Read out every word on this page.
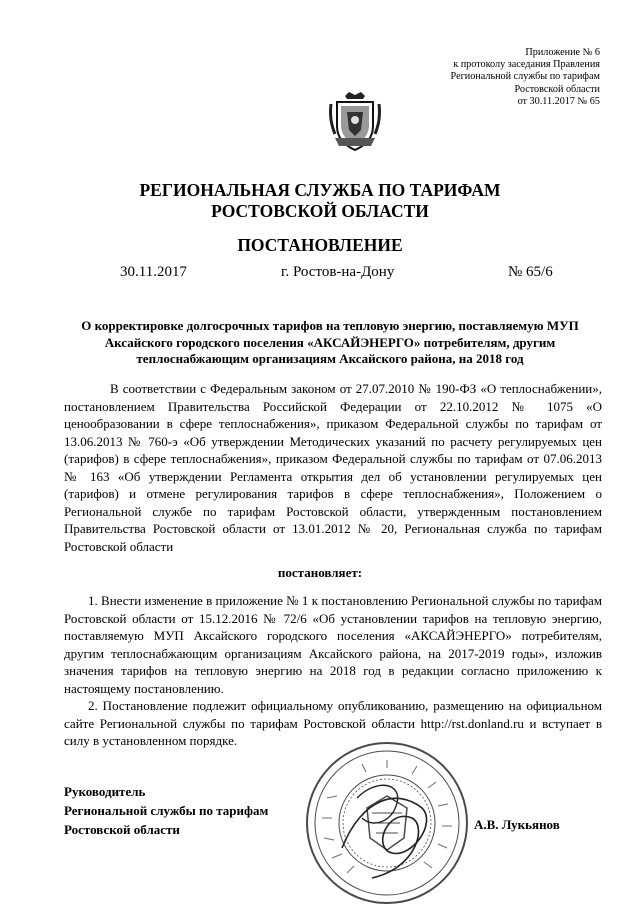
Приложение № 6
к протоколу заседания Правления
Региональной службы по тарифам
Ростовской области
от 30.11.2017 № 65
РЕГИОНАЛЬНАЯ СЛУЖБА ПО ТАРИФАМ
РОСТОВСКОЙ ОБЛАСТИ
ПОСТАНОВЛЕНИЕ
30.11.2017	г. Ростов-на-Дону	№ 65/6
О корректировке долгосрочных тарифов на тепловую энергию, поставляемую МУП Аксайского городского поселения «АКСАЙЭНЕРГО» потребителям, другим теплоснабжающим организациям Аксайского района, на 2018 год

В соответствии с Федеральным законом от 27.07.2010 № 190-ФЗ «О теплоснабжении», постановлением Правительства Российской Федерации от 22.10.2012 № 1075 «О ценообразовании в сфере теплоснабжения», приказом Федеральной службы по тарифам от 13.06.2013 № 760-э «Об утверждении Методических указаний по расчету регулируемых цен (тарифов) в сфере теплоснабжения», приказом Федеральной службы по тарифам от 07.06.2013 № 163 «Об утверждении Регламента открытия дел об установлении регулируемых цен (тарифов) и отмене регулирования тарифов в сфере теплоснабжения», Положением о Региональной службе по тарифам Ростовской области, утвержденным постановлением Правительства Ростовской области от 13.01.2012 № 20, Региональная служба по тарифам Ростовской области

постановляет:

1. Внести изменение в приложение № 1 к постановлению Региональной службы по тарифам Ростовской области от 15.12.2016 № 72/6 «Об установлении тарифов на тепловую энергию, поставляемую МУП Аксайского городского поселения «АКСАЙЭНЕРГО» потребителям, другим теплоснабжающим организациям Аксайского района, на 2017-2019 годы», изложив значения тарифов на тепловую энергию на 2018 год в редакции согласно приложению к настоящему постановлению.

2. Постановление подлежит официальному опубликованию, размещению на официальном сайте Региональной службы по тарифам Ростовской области http://rst.donland.ru и вступает в силу в установленном порядке.

Руководитель
Региональной службы по тарифам
Ростовской области	А.В. Лукьянов
